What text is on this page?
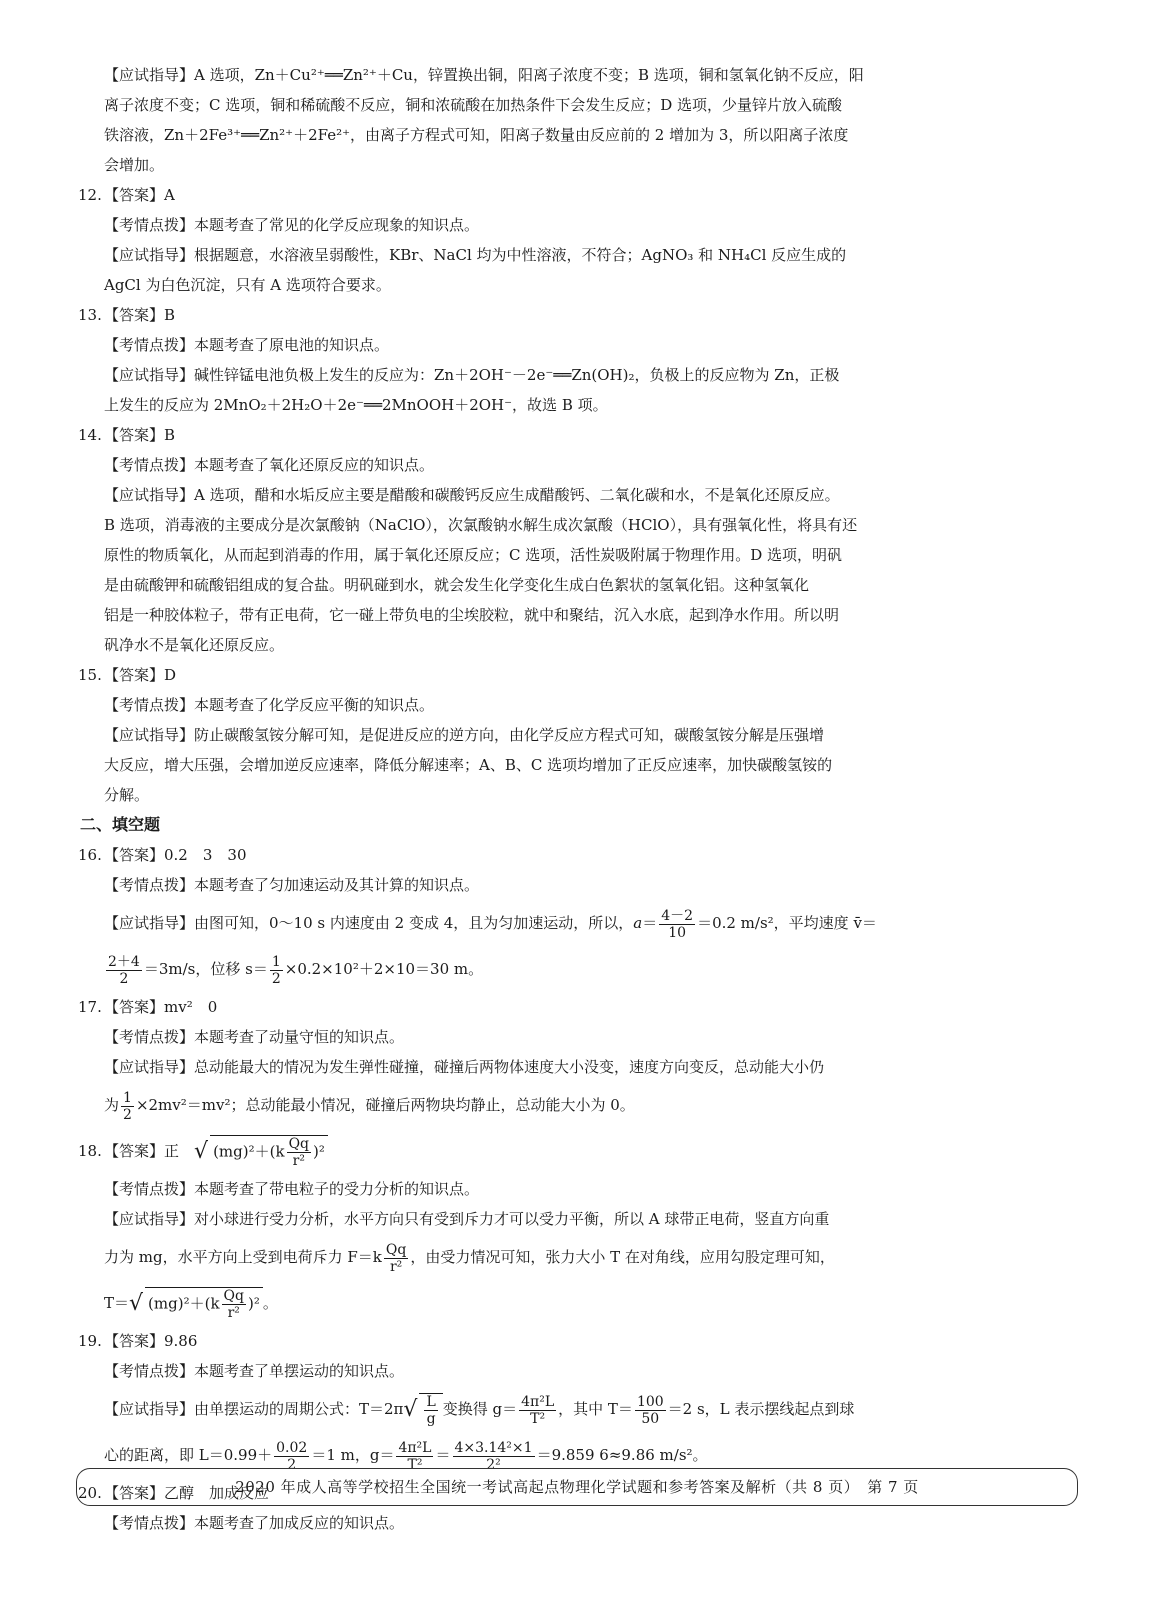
【应试指导】A 选项，Zn＋Cu²⁺══Zn²⁺＋Cu，锌置换出铜，阳离子浓度不变；B 选项，铜和氢氧化钠不反应，阳
离子浓度不变；C 选项，铜和稀硫酸不反应，铜和浓硫酸在加热条件下会发生反应；D 选项，少量锌片放入硫酸
铁溶液，Zn＋2Fe³⁺══Zn²⁺＋2Fe²⁺，由离子方程式可知，阳离子数量由反应前的 2 增加为 3，所以阳离子浓度
会增加。
12. 【答案】A
【考情点拨】本题考查了常见的化学反应现象的知识点。
【应试指导】根据题意，水溶液呈弱酸性，KBr、NaCl 均为中性溶液，不符合；AgNO₃ 和 NH₄Cl 反应生成的
AgCl 为白色沉淀，只有 A 选项符合要求。
13. 【答案】B
【考情点拨】本题考查了原电池的知识点。
【应试指导】碱性锌锰电池负极上发生的反应为：Zn＋2OH⁻－2e⁻══Zn(OH)₂，负极上的反应物为 Zn，正极
上发生的反应为 2MnO₂＋2H₂O＋2e⁻══2MnOOH＋2OH⁻，故选 B 项。
14. 【答案】B
【考情点拨】本题考查了氧化还原反应的知识点。
【应试指导】A 选项，醋和水垢反应主要是醋酸和碳酸钙反应生成醋酸钙、二氧化碳和水，不是氧化还原反应。
B 选项，消毒液的主要成分是次氯酸钠（NaClO），次氯酸钠水解生成次氯酸（HClO），具有强氧化性，将具有还
原性的物质氧化，从而起到消毒的作用，属于氧化还原反应；C 选项，活性炭吸附属于物理作用。D 选项，明矾
是由硫酸钾和硫酸铝组成的复合盐。明矾碰到水，就会发生化学变化生成白色絮状的氢氧化铝。这种氢氧化
铝是一种胶体粒子，带有正电荷，它一碰上带负电的尘埃胶粒，就中和聚结，沉入水底，起到净水作用。所以明
矾净水不是氧化还原反应。
15. 【答案】D
【考情点拨】本题考查了化学反应平衡的知识点。
【应试指导】防止碳酸氢铵分解可知，是促进反应的逆方向，由化学反应方程式可知，碳酸氢铵分解是压强增
大反应，增大压强，会增加逆反应速率，降低分解速率；A、B、C 选项均增加了正反应速率，加快碳酸氢铵的
分解。
二、填空题
16. 【答案】0.2　3　30
【考情点拨】本题考查了匀加速运动及其计算的知识点。
【应试指导】由图可知，0～10 s 内速度由 2 变成 4，且为匀加速运动，所以，$a= \frac{4-2}{10} =0.2$ m/s²，平均速度 v̄＝
$\frac{2+4}{2} =3m/s$，位移 $s= \frac{1}{2} \times 0.2\times 10^2+2\times 10=30$ m。
17. 【答案】mv²　0
【考情点拨】本题考查了动量守恒的知识点。
【应试指导】总动能最大的情况为发生弹性碰撞，碰撞后两物体速度大小没变，速度方向变反，总动能大小仍
为 $\frac{1}{2} \times 2mv^2=mv^2$；总动能最小情况，碰撞后两物块均静止，总动能大小为 0。
18. 【答案】正　 √ $(mg)^2+(k \frac{Qq}{\text{r²}} )^2$
【考情点拨】本题考查了带电粒子的受力分析的知识点。
【应试指导】对小球进行受力分析，水平方向只有受到斥力才可以受力平衡，所以 A 球带正电荷，竖直方向重
力为 mg，水平方向上受到电荷斥力 $F=k \frac{Qq}{\text{r²}}$ ，由受力情况可知，张力大小 T 在对角线，应用勾股定理可知，
T＝√ $(mg)^2+(k \frac{Qq}{\text{r²}} )^2$ 。
19. 【答案】9.86
【考情点拨】本题考查了单摆运动的知识点。
【应试指导】由单摆运动的周期公式：$T=2\pi√ \frac{L}{g}$ 变换得 $g= \frac{\text{4π²L}}{\text{T²}}$ ，其中 $T= \frac{100}{50} =2$ s，L 表示摆线起点到球
心的距离，即 $L=0.99+ \frac{0.02}{2} =1$ m，$g= \frac{\text{4π²L}}{\text{T²}} = \frac{\text{4×3.14²×1}}{\text{2²}} =9.859$ 6≈9.86 m/s²。
20. 【答案】乙醇　加成反应
【考情点拨】本题考查了加成反应的知识点。
2020 年成人高等学校招生全国统一考试高起点物理化学试题和参考答案及解析（共 8 页）　第 7 页
